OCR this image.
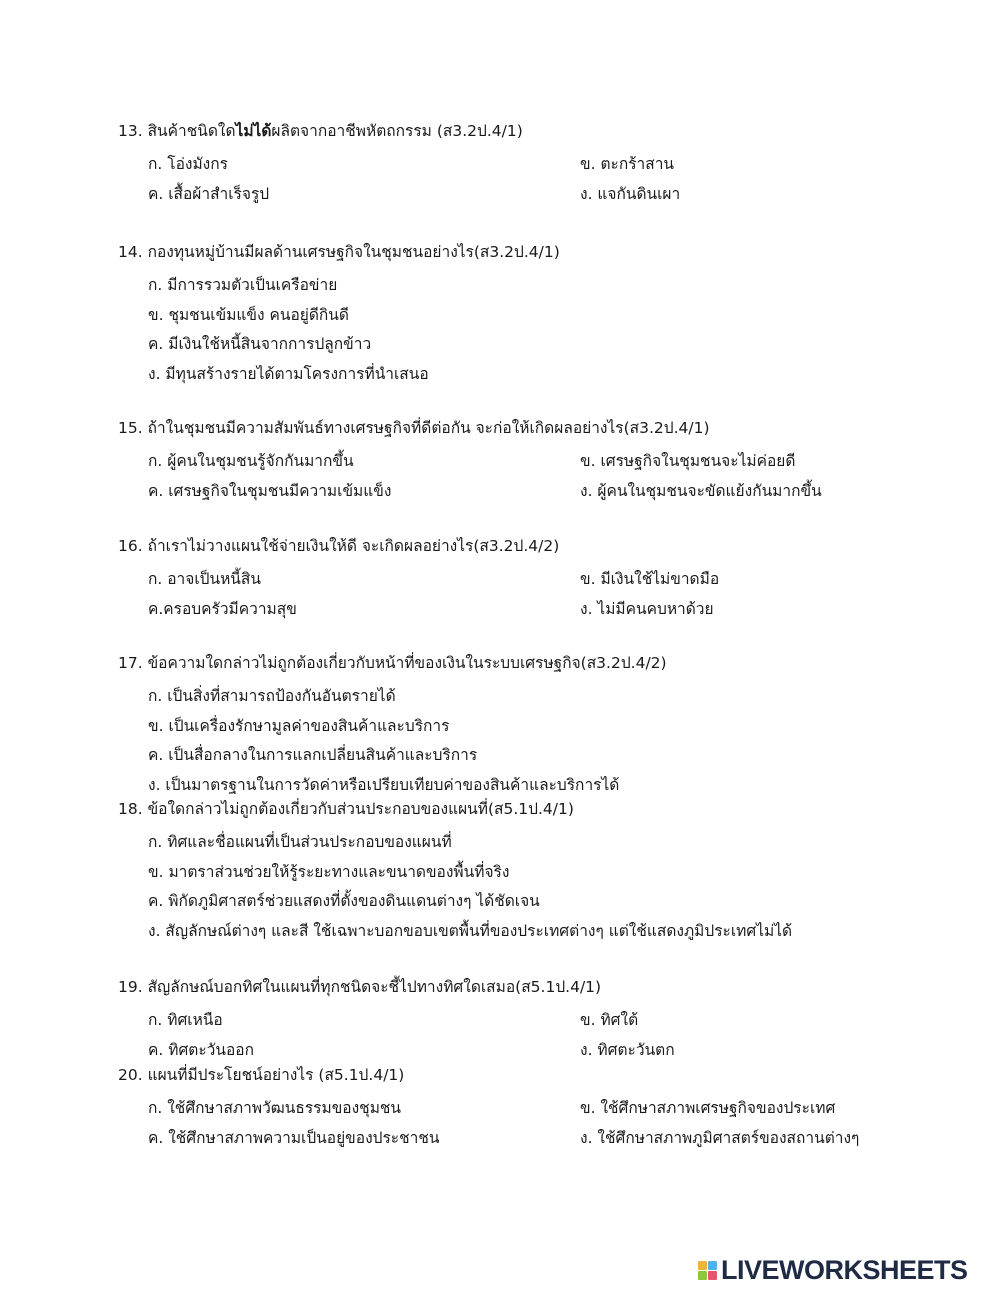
13. สินค้าชนิดใดไม่ได้ผลิตจากอาชีพหัตถกรรม (ส3.2ป.4/1)
ก. โอ่งมังกร	ข. ตะกร้าสาน
ค. เสื้อผ้าสำเร็จรูป	ง. แจกันดินเผา
14. กองทุนหมู่บ้านมีผลด้านเศรษฐกิจในชุมชนอย่างไร(ส3.2ป.4/1)
ก. มีการรวมตัวเป็นเครือข่าย
ข. ชุมชนเข้มแข็ง คนอยู่ดีกินดี
ค. มีเงินใช้หนี้สินจากการปลูกข้าว
ง. มีทุนสร้างรายได้ตามโครงการที่นำเสนอ
15. ถ้าในชุมชนมีความสัมพันธ์ทางเศรษฐกิจที่ดีต่อกัน จะก่อให้เกิดผลอย่างไร(ส3.2ป.4/1)
ก. ผู้คนในชุมชนรู้จักกันมากขึ้น	ข. เศรษฐกิจในชุมชนจะไม่ค่อยดี
ค. เศรษฐกิจในชุมชนมีความเข้มแข็ง	ง. ผู้คนในชุมชนจะขัดแย้งกันมากขึ้น
16. ถ้าเราไม่วางแผนใช้จ่ายเงินให้ดี จะเกิดผลอย่างไร(ส3.2ป.4/2)
ก. อาจเป็นหนี้สิน	ข. มีเงินใช้ไม่ขาดมือ
ค.ครอบครัวมีความสุข	ง. ไม่มีคนคบหาด้วย
17. ข้อความใดกล่าวไม่ถูกต้องเกี่ยวกับหน้าที่ของเงินในระบบเศรษฐกิจ(ส3.2ป.4/2)
ก. เป็นสิ่งที่สามารถป้องกันอันตรายได้
ข. เป็นเครื่องรักษามูลค่าของสินค้าและบริการ
ค. เป็นสื่อกลางในการแลกเปลี่ยนสินค้าและบริการ
ง. เป็นมาตรฐานในการวัดค่าหรือเปรียบเทียบค่าของสินค้าและบริการได้
18. ข้อใดกล่าวไม่ถูกต้องเกี่ยวกับส่วนประกอบของแผนที่(ส5.1ป.4/1)
ก. ทิศและชื่อแผนที่เป็นส่วนประกอบของแผนที่
ข. มาตราส่วนช่วยให้รู้ระยะทางและขนาดของพื้นที่จริง
ค. พิกัดภูมิศาสตร์ช่วยแสดงที่ตั้งของดินแดนต่างๆ ได้ชัดเจน
ง. สัญลักษณ์ต่างๆ และสี ใช้เฉพาะบอกขอบเขตพื้นที่ของประเทศต่างๆ แต่ใช้แสดงภูมิประเทศไม่ได้
19. สัญลักษณ์บอกทิศในแผนที่ทุกชนิดจะชี้ไปทางทิศใดเสมอ(ส5.1ป.4/1)
ก. ทิศเหนือ	ข. ทิศใต้
ค. ทิศตะวันออก	ง. ทิศตะวันตก
20. แผนที่มีประโยชน์อย่างไร (ส5.1ป.4/1)
ก. ใช้ศึกษาสภาพวัฒนธรรมของชุมชน	ข. ใช้ศึกษาสภาพเศรษฐกิจของประเทศ
ค. ใช้ศึกษาสภาพความเป็นอยู่ของประชาชน	ง. ใช้ศึกษาสภาพภูมิศาสตร์ของสถานต่างๆ
LIVEWORKSHEETS
